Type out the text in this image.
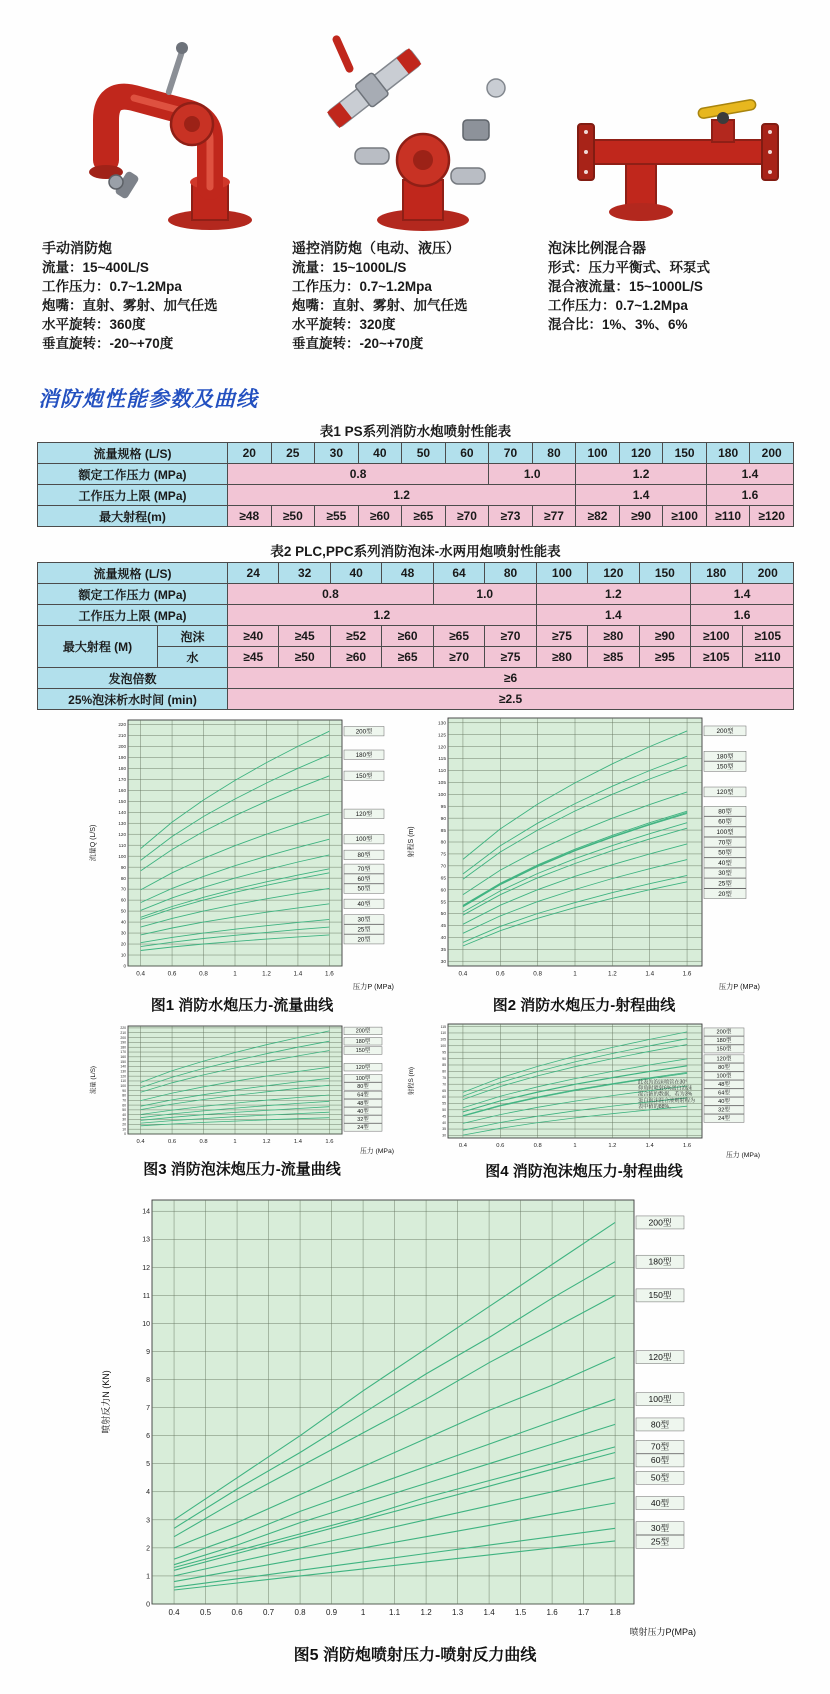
手动消防炮
流量：15~400L/S
工作压力：0.7~1.2Mpa
炮嘴：直射、雾射、加气任选
水平旋转：360度
垂直旋转：-20~+70度
遥控消防炮（电动、液压）
流量：15~1000L/S
工作压力：0.7~1.2Mpa
炮嘴：直射、雾射、加气任选
水平旋转：320度
垂直旋转：-20~+70度
泡沫比例混合器
形式：压力平衡式、环泵式
混合液流量：15~1000L/S
工作压力：0.7~1.2Mpa
混合比：1%、3%、6%
消防炮性能参数及曲线
表1 PS系列消防水炮喷射性能表
流量规格 (L/S)	20	25	30	40	50	60	70	80	100	120	150	180	200
额定工作压力 (MPa)	0.8						1.0		1.2			1.4	
工作压力上限 (MPa)	1.2								1.4			1.6	
最大射程(m)	≥48	≥50	≥55	≥60	≥65	≥70	≥73	≥77	≥82	≥90	≥100	≥110	≥120
表2 PLC,PPC系列消防泡沫-水两用炮喷射性能表
流量规格 (L/S)		24	32	40	48	64	80	100	120	150	180	200
额定工作压力 (MPa)		0.8				1.0		1.2			1.4	
工作压力上限 (MPa)		1.2						1.4			1.6	
最大射程 (M)	泡沫	≥40	≥45	≥52	≥60	≥65	≥70	≥75	≥80	≥90	≥100	≥105
	水	≥45	≥50	≥60	≥65	≥70	≥75	≥80	≥85	≥95	≥105	≥110
发泡倍数		≥6										
25%泡沫析水时间 (min)		≥2.5										
0
10
20
30
40
50
60
70
80
90
100
110
120
130
140
150
160
170
180
190
200
210
220
0.4	0.6	0.8	1	1.2	1.4	1.6
200型
180型
150型
120型
100型
80型
70型
60型
50型
40型
30型
25型
20型
流量Q (L/S)
压力P (MPa)
图1 消防水炮压力-流量曲线
30
35
40
45
50
55
60
65
70
75
80
85
90
95
100
105
110
115
120
125
130
0.4	0.6	0.8	1	1.2	1.4	1.6
200型
180型
150型
120型
80型
60型
100型
70型
50型
40型
30型
25型
20型
射程S (m)
压力P (MPa)
图2 消防水炮压力-射程曲线
0
10
20
30
40
50
60
70
80
90
100
110
120
130
140
150
160
170
180
190
200
210
220
0.4	0.6	0.8	1	1.2	1.4	1.6
200型
180型
150型
120型
100型
80型
64型
48型
40型
32型
24型
流量 (L/S)
压力 (MPa)
图3 消防泡沫炮压力-流量曲线
30
35
40
45
50
55
60
65
70
75
80
85
90
95
100
105
110
115
0.4	0.6	0.8	1	1.2	1.4	1.6
200型
180型
150型
120型
80型
100型
48型
64型
40型
32型
24型
射程S (m)
压力 (MPa)
此表为泡沫喷管在30°仰角时喷射6%蛋白泡沫混合液的数据，若为3%蛋白泡沫混合液则射程为表中值的88%。
图4 消防泡沫炮压力-射程曲线
0
1
2
3
4
5
6
7
8
9
10
11
12
13
14
0.4	0.5	0.6	0.7	0.8	0.9	1	1.1	1.2	1.3	1.4	1.5	1.6	1.7	1.8
200型
180型
150型
120型
100型
80型
70型
60型
50型
40型
30型
25型
喷射反力N (KN)
喷射压力P(MPa)
图5 消防炮喷射压力-喷射反力曲线
